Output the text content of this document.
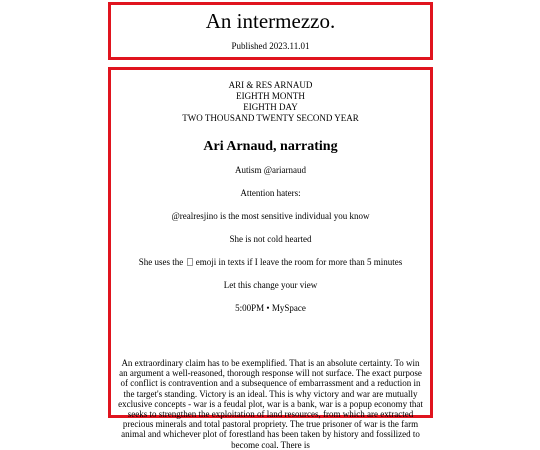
An intermezzo.
Published 2023.11.01
ARI & RES ARNAUD
EIGHTH MONTH
EIGHTH DAY
TWO THOUSAND TWENTY SECOND YEAR
Ari Arnaud, narrating
Autism @ariarnaud
Attention haters:
@realresjino is the most sensitive individual you know
She is not cold hearted
She uses the  emoji in texts if I leave the room for more than 5 minutes
Let this change your view
5:00PM • MySpace
An extraordinary claim has to be exemplified. That is an absolute certainty. To win an argument a well-reasoned, thorough response will not surface. The exact purpose of conflict is contravention and a subsequence of embarrassment and a reduction in the target's standing. Victory is an ideal. This is why victory and war are mutually exclusive concepts - war is a feudal plot, war is a bank, war is a popup economy that seeks to strengthen the exploitation of land resources, from which are extracted precious minerals and total pastoral propriety. The true prisoner of war is the farm animal and whichever plot of forestland has been taken by history and fossilized to become coal. There is
